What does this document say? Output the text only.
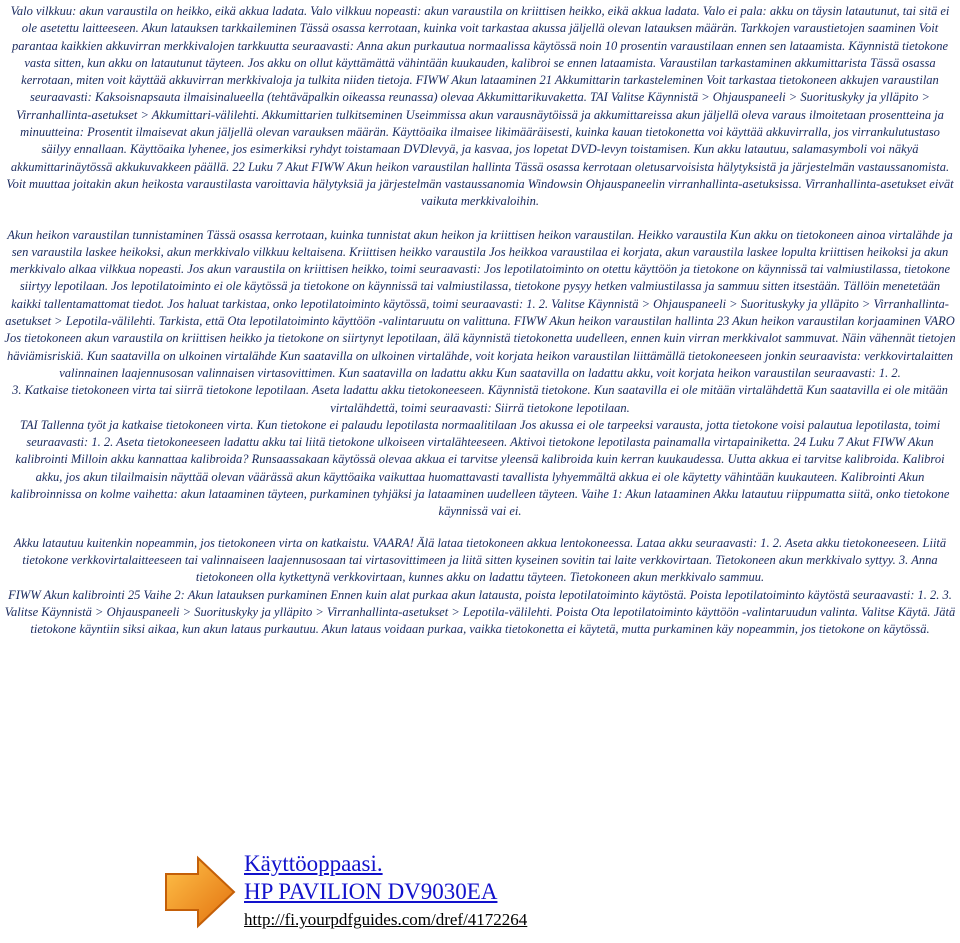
Valo vilkkuu: akun varaustila on heikko, eikä akkua ladata. Valo vilkkuu nopeasti: akun varaustila on kriittisen heikko, eikä akkua ladata. Valo ei pala: akku on täysin latautunut, tai sitä ei ole asetettu laitteeseen. Akun latauksen tarkkaileminen Tässä osassa kerrotaan, kuinka voit tarkastaa akussa jäljellä olevan latauksen määrän. Tarkkojen varaustietojen saaminen Voit parantaa kaikkien akkuvirran merkkivalojen tarkkuutta seuraavasti: Anna akun purkautua normaalissa käytössä noin 10 prosentin varaustilaan ennen sen lataamista. Käynnistä tietokone vasta sitten, kun akku on latautunut täyteen. Jos akku on ollut käyttämättä vähintään kuukauden, kalibroi se ennen lataamista. Varaustilan tarkastaminen akkumittarista Tässä osassa kerrotaan, miten voit käyttää akkuvirran merkkivaloja ja tulkita niiden tietoja. FIWW Akun lataaminen 21 Akkumittarin tarkasteleminen Voit tarkastaa tietokoneen akkujen varaustilan seuraavasti: Kaksoisnapsauta ilmaisinalueella (tehtäväpalkin oikeassa reunassa) olevaa Akkumittarikuvaketta. TAI Valitse Käynnistä > Ohjauspaneeli > Suorituskyky ja ylläpito > Virranhallinta-asetukset > Akkumittari-välilehti. Akkumittarien tulkitseminen Useimmissa akun varausnäytöissä ja akkumittareissa akun jäljellä oleva varaus ilmoitetaan prosentteina ja minuutteina: Prosentit ilmaisevat akun jäljellä olevan varauksen määrän. Käyttöaika ilmaisee likimääräisesti, kuinka kauan tietokonetta voi käyttää akkuvirralla, jos virrankulutustaso säilyy ennallaan. Käyttöaika lyhenee, jos esimerkiksi ryhdyt toistamaan DVDlevyä, ja kasvaa, jos lopetat DVD-levyn toistamisen. Kun akku latautuu, salamasymboli voi näkyä akkumittarinäytössä akkukuvakkeen päällä. 22 Luku 7 Akut FIWW Akun heikon varaustilan hallinta Tässä osassa kerrotaan oletusarvoisista hälytyksistä ja järjestelmän vastaussanomista. Voit muuttaa joitakin akun heikosta varaustilasta varoittavia hälytyksiä ja järjestelmän vastaussanomia Windowsin Ohjauspaneelin virranhallinta-asetuksissa. Virranhallinta-asetukset eivät vaikuta merkkivaloihin.

Akun heikon varaustilan tunnistaminen Tässä osassa kerrotaan, kuinka tunnistat akun heikon ja kriittisen heikon varaustilan. Heikko varaustila Kun akku on tietokoneen ainoa virtalähde ja sen varaustila laskee heikoksi, akun merkkivalo vilkkuu keltaisena. Kriittisen heikko varaustila Jos heikkoa varaustilaa ei korjata, akun varaustila laskee lopulta kriittisen heikoksi ja akun merkkivalo alkaa vilkkua nopeasti. Jos akun varaustila on kriittisen heikko, toimi seuraavasti: Jos lepotilatoiminto on otettu käyttöön ja tietokone on käynnissä tai valmiustilassa, tietokone siirtyy lepotilaan. Jos lepotilatoiminto ei ole käytössä ja tietokone on käynnissä tai valmiustilassa, tietokone pysyy hetken valmiustilassa ja sammuu sitten itsestään. Tällöin menetetään kaikki tallentamattomat tiedot. Jos haluat tarkistaa, onko lepotilatoiminto käytössä, toimi seuraavasti: 1. 2. Valitse Käynnistä > Ohjauspaneeli > Suorituskyky ja ylläpito > Virranhallinta-asetukset > Lepotila-välilehti. Tarkista, että Ota lepotilatoiminto käyttöön -valintaruutu on valittuna. FIWW Akun heikon varaustilan hallinta 23 Akun heikon varaustilan korjaaminen VARO Jos tietokoneen akun varaustila on kriittisen heikko ja tietokone on siirtynyt lepotilaan, älä käynnistä tietokonetta uudelleen, ennen kuin virran merkkivalot sammuvat. Näin vähennät tietojen häviämisriskiä. Kun saatavilla on ulkoinen virtalähde Kun saatavilla on ulkoinen virtalähde, voit korjata heikon varaustilan liittämällä tietokoneeseen jonkin seuraavista: verkkovirtalaitten valinnainen laajennusosan valinnaisen virtasovittimen. Kun saatavilla on ladattu akku Kun saatavilla on ladattu akku, voit korjata heikon varaustilan seuraavasti: 1. 2.

3. Katkaise tietokoneen virta tai siirrä tietokone lepotilaan. Aseta ladattu akku tietokoneeseen. Käynnistä tietokone. Kun saatavilla ei ole mitään virtalähdettä Kun saatavilla ei ole mitään virtalähdettä, toimi seuraavasti: Siirrä tietokone lepotilaan.

TAI Tallenna työt ja katkaise tietokoneen virta. Kun tietokone ei palaudu lepotilasta normaalitilaan Jos akussa ei ole tarpeeksi varausta, jotta tietokone voisi palautua lepotilasta, toimi seuraavasti: 1. 2. Aseta tietokoneeseen ladattu akku tai liitä tietokone ulkoiseen virtalähteeseen. Aktivoi tietokone lepotilasta painamalla virtapainiketta. 24 Luku 7 Akut FIWW Akun kalibrointi Milloin akku kannattaa kalibroida? Runsaassakaan käytössä olevaa akkua ei tarvitse yleensä kalibroida kuin kerran kuukaudessa. Uutta akkua ei tarvitse kalibroida. Kalibroi akku, jos akun tilailmaisin näyttää olevan väärässä akun käyttöaika vaikuttaa huomattavasti tavallista lyhyemmältä akkua ei ole käytetty vähintään kuukauteen. Kalibrointi Akun kalibroinnissa on kolme vaihetta: akun lataaminen täyteen, purkaminen tyhjäksi ja lataaminen uudelleen täyteen. Vaihe 1: Akun lataaminen Akku latautuu riippumatta siitä, onko tietokone käynnissä vai ei.

Akku latautuu kuitenkin nopeammin, jos tietokoneen virta on katkaistu. VAARA! Älä lataa tietokoneen akkua lentokoneessa. Lataa akku seuraavasti: 1. 2. Aseta akku tietokoneeseen. Liitä tietokone verkkovirtalaitteeseen tai valinnaiseen laajennusosaan tai virtasovittimeen ja liitä sitten kyseinen sovitin tai laite verkkovirtaan. Tietokoneen akun merkkivalo syttyy. 3. Anna tietokoneen olla kytkettynä verkkovirtaan, kunnes akku on ladattu täyteen. Tietokoneen akun merkkivalo sammuu.

FIWW Akun kalibrointi 25 Vaihe 2: Akun latauksen purkaminen Ennen kuin alat purkaa akun latausta, poista lepotilatoiminto käytöstä. Poista lepotilatoiminto käytöstä seuraavasti: 1. 2. 3. Valitse Käynnistä > Ohjauspaneeli > Suorituskyky ja ylläpito > Virranhallinta-asetukset > Lepotila-välilehti. Poista Ota lepotilatoiminto käyttöön -valintaruudun valinta. Valitse Käytä. Jätä tietokone käyntiin siksi aikaa, kun akun lataus purkautuu. Akun lataus voidaan purkaa, vaikka tietokonetta ei käytetä, mutta purkaminen käy nopeammin, jos tietokone on käytössä.

Käyttöoppaasi.
HP PAVILION DV9030EA
http://fi.yourpdfguides.com/dref/4172264
